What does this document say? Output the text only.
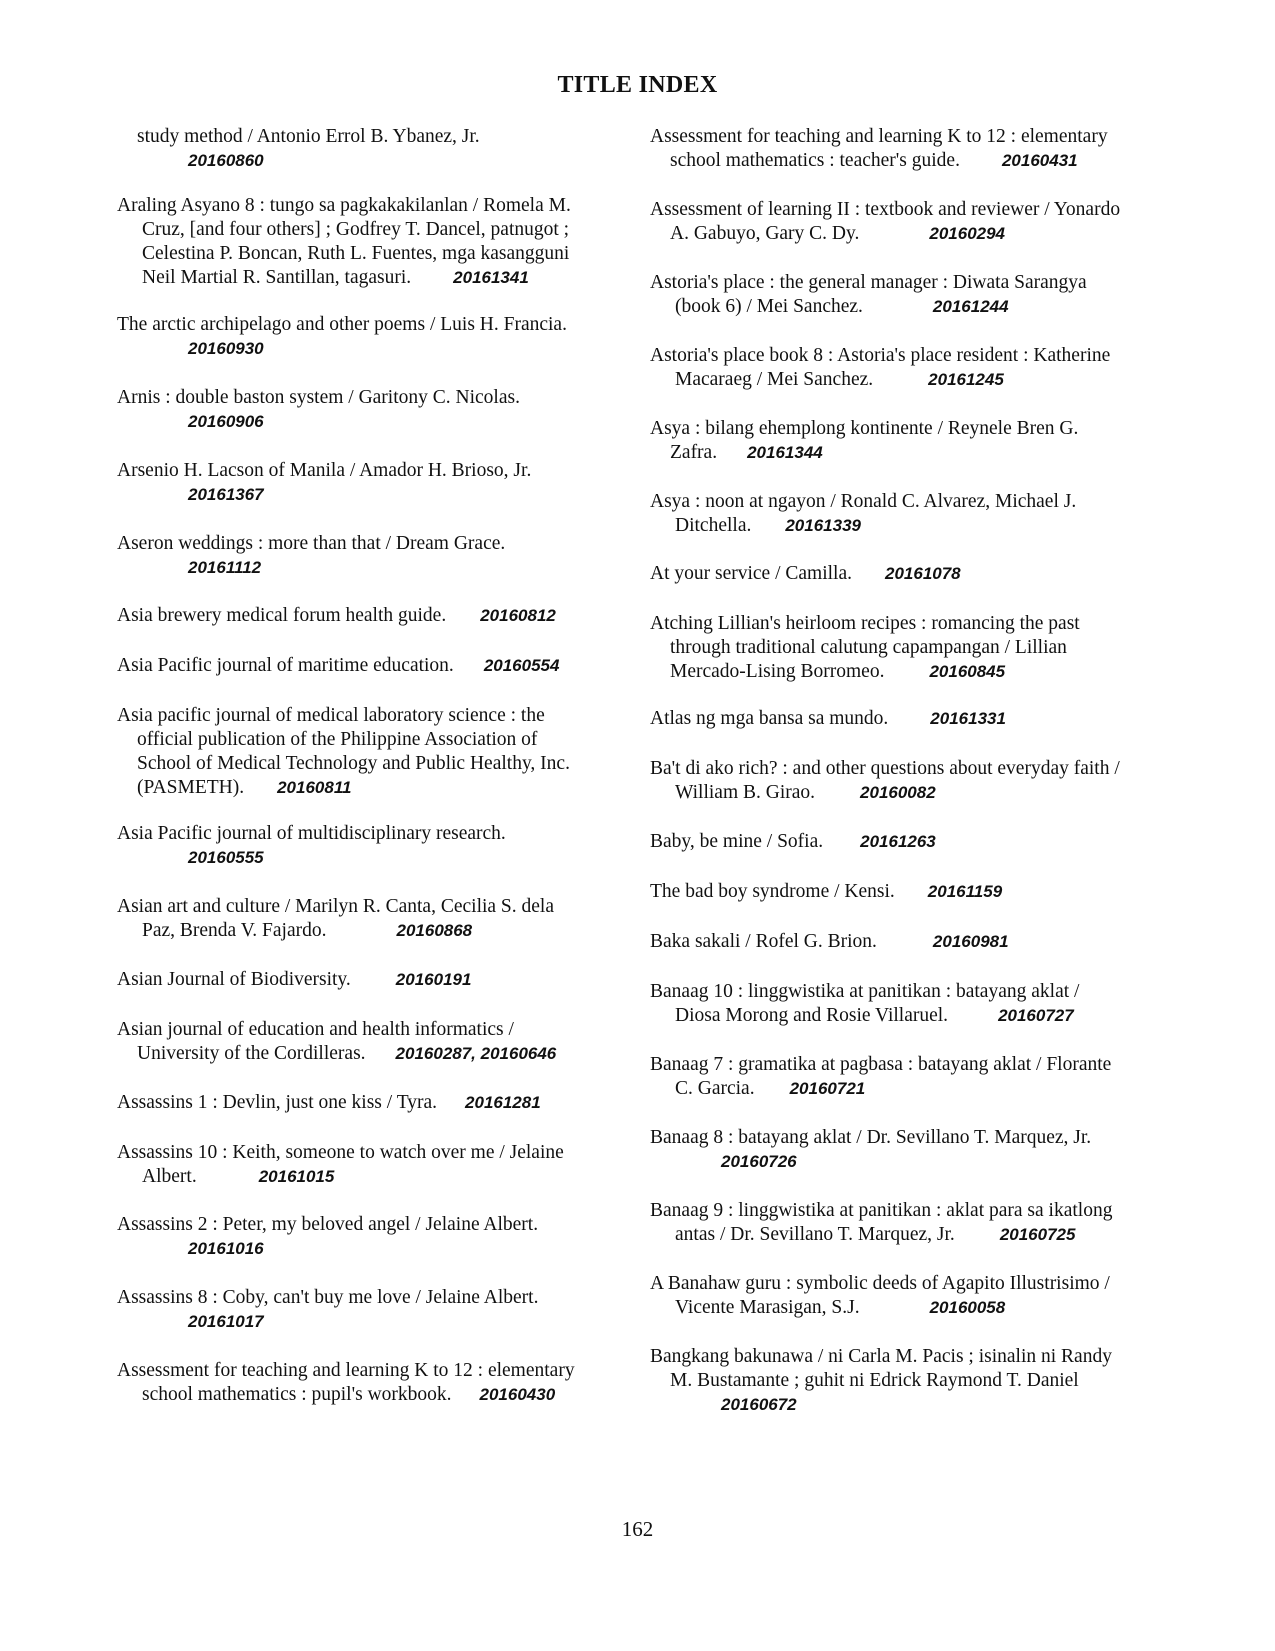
TITLE INDEX
study method / Antonio Errol B. Ybanez, Jr.
20160860
Araling Asyano 8 : tungo sa pagkakakilanlan / Romela M.
Cruz, [and four others] ; Godfrey T. Dancel, patnugot ;
Celestina P. Boncan, Ruth L. Fuentes, mga kasangguni
Neil Martial R. Santillan, tagasuri. 20161341
The arctic archipelago and other poems / Luis H. Francia.
20160930
Arnis : double baston system / Garitony C. Nicolas.
20160906
Arsenio H. Lacson of Manila / Amador H. Brioso, Jr.
20161367
Aseron weddings : more than that / Dream Grace.
20161112
Asia brewery medical forum health guide. 20160812
Asia Pacific journal of maritime education. 20160554
Asia pacific journal of medical laboratory science : the
official publication of the Philippine Association of
School of Medical Technology and Public Healthy, Inc.
(PASMETH). 20160811
Asia Pacific journal of multidisciplinary research.
20160555
Asian art and culture / Marilyn R. Canta, Cecilia S. dela
Paz, Brenda V. Fajardo.	20160868
Asian Journal of Biodiversity.	20160191
Asian journal of education and health informatics /
University of the Cordilleras. 20160287, 20160646
Assassins 1 : Devlin, just one kiss / Tyra. 20161281
Assassins 10 : Keith, someone to watch over me / Jelaine
Albert.	20161015
Assassins 2 : Peter, my beloved angel / Jelaine Albert.
20161016
Assassins 8 : Coby, can't buy me love / Jelaine Albert.
20161017
Assessment for teaching and learning K to 12 : elementary
school mathematics : pupil's workbook. 20160430
Assessment for teaching and learning K to 12 : elementary
school mathematics : teacher's guide. 20160431
Assessment of learning II : textbook and reviewer / Yonardo
A. Gabuyo, Gary C. Dy.	20160294
Astoria's place : the general manager : Diwata Sarangya
(book 6) / Mei Sanchez.	20161244
Astoria's place book 8 : Astoria's place resident : Katherine
Macaraeg / Mei Sanchez.	20161245
Asya : bilang ehemplong kontinente / Reynele Bren G.
Zafra. 20161344
Asya : noon at ngayon / Ronald C. Alvarez, Michael J.
Ditchella. 20161339
At your service / Camilla. 20161078
Atching Lillian's heirloom recipes : romancing the past
through traditional calutung capampangan / Lillian
Mercado-Lising Borromeo.	20160845
Atlas ng mga bansa sa mundo. 20161331
Ba't di ako rich? : and other questions about everyday faith /
William B. Girao.	20160082
Baby, be mine / Sofia. 20161263
The bad boy syndrome / Kensi. 20161159
Baka sakali / Rofel G. Brion.	20160981
Banaag 10 : linggwistika at panitikan : batayang aklat /
Diosa Morong and Rosie Villaruel.	20160727
Banaag 7 : gramatika at pagbasa : batayang aklat / Florante
C. Garcia. 20160721
Banaag 8 : batayang aklat / Dr. Sevillano T. Marquez, Jr.
20160726
Banaag 9 : linggwistika at panitikan : aklat para sa ikatlong
antas / Dr. Sevillano T. Marquez, Jr.	20160725
A Banahaw guru : symbolic deeds of Agapito Illustrisimo /
Vicente Marasigan, S.J.	20160058
Bangkang bakunawa / ni Carla M. Pacis ; isinalin ni Randy
M. Bustamante ; guhit ni Edrick Raymond T. Daniel
20160672
162
